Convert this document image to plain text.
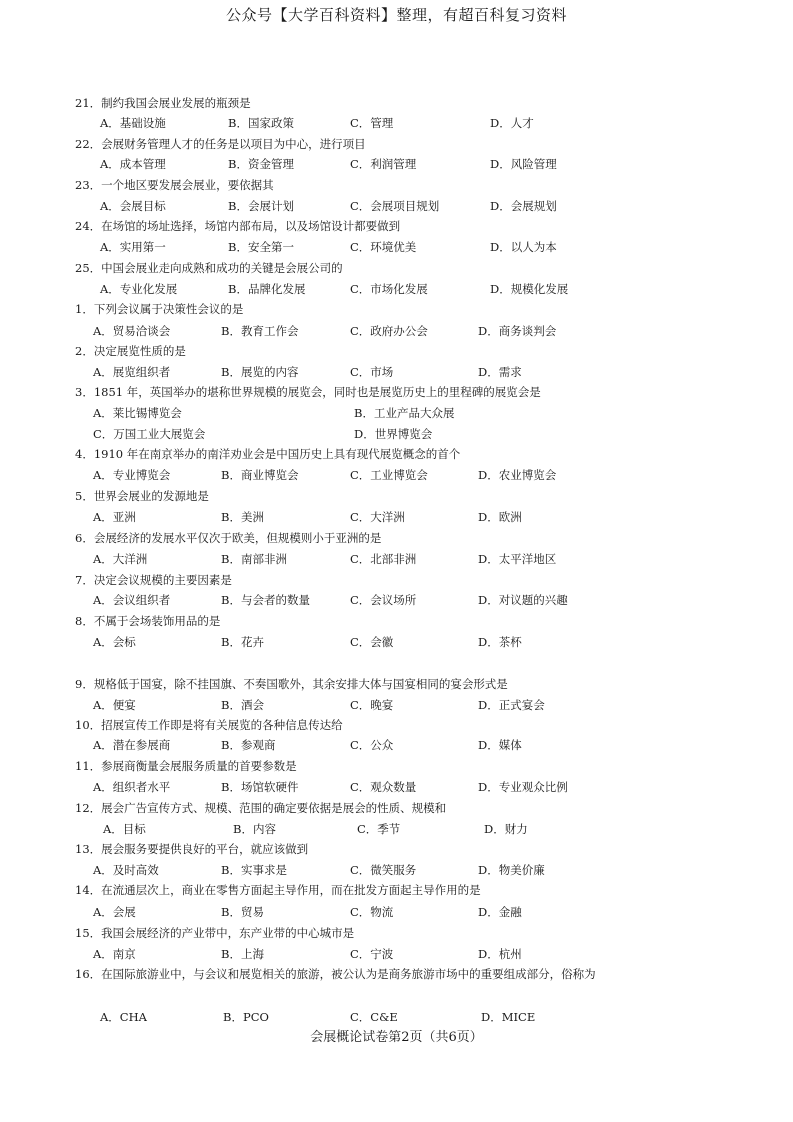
公众号【大学百科资料】整理，有超百科复习资料
21．制约我国会展业发展的瓶颈是
A．基础设施	B．国家政策	C．管理	D．人才
22．会展财务管理人才的任务是以项目为中心，进行项目
A．成本管理	B．资金管理	C．利润管理	D．风险管理
23．一个地区要发展会展业，要依据其
A．会展目标	B．会展计划	C．会展项目规划	D．会展规划
24．在场馆的场址选择，场馆内部布局，以及场馆设计都要做到
A．实用第一	B．安全第一	C．环境优美	D．以人为本
25．中国会展业走向成熟和成功的关键是会展公司的
A．专业化发展	B．品牌化发展	C．市场化发展	D．规模化发展
1．下列会议属于决策性会议的是
A．贸易洽谈会	B．教育工作会	C．政府办公会	D．商务谈判会
2．决定展览性质的是
A．展览组织者	B．展览的内容	C．市场	D．需求
3．1851 年，英国举办的堪称世界规模的展览会，同时也是展览历史上的里程碑的展览会是
A．莱比锡博览会	B．工业产品大众展
C．万国工业大展览会	D．世界博览会
4．1910 年在南京举办的南洋劝业会是中国历史上具有现代展览概念的首个
A．专业博览会	B．商业博览会	C．工业博览会	D．农业博览会
5．世界会展业的发源地是
A．亚洲	B．美洲	C．大洋洲	D．欧洲
6．会展经济的发展水平仅次于欧美，但规模则小于亚洲的是
A．大洋洲	B．南部非洲	C．北部非洲	D．太平洋地区
7．决定会议规模的主要因素是
A．会议组织者	B．与会者的数量	C．会议场所	D．对议题的兴趣
8．不属于会场装饰用品的是
A．会标	B．花卉	C．会徽	D．茶杯
9．规格低于国宴，除不挂国旗、不奏国歌外，其余安排大体与国宴相同的宴会形式是
A．便宴	B．酒会	C．晚宴	D．正式宴会
10．招展宣传工作即是将有关展览的各种信息传达给
A．潜在参展商	B．参观商	C．公众	D．媒体
11．参展商衡量会展服务质量的首要参数是
A．组织者水平	B．场馆软硬件	C．观众数量	D．专业观众比例
12．展会广告宣传方式、规模、范围的确定要依据是展会的性质、规模和
A．目标	B．内容	C．季节	D．财力
13．展会服务要提供良好的平台，就应该做到
A．及时高效	B．实事求是	C．微笑服务	D．物美价廉
14．在流通层次上，商业在零售方面起主导作用，而在批发方面起主导作用的是
A．会展	B．贸易	C．物流	D．金融
15．我国会展经济的产业带中，东产业带的中心城市是
A．南京	B．上海	C．宁波	D．杭州
16．在国际旅游业中，与会议和展览相关的旅游，被公认为是商务旅游市场中的重要组成部分，俗称为
A．CHA	B．PCO	C．C&E	D．MICE
会展概论试卷第2页（共6页）
